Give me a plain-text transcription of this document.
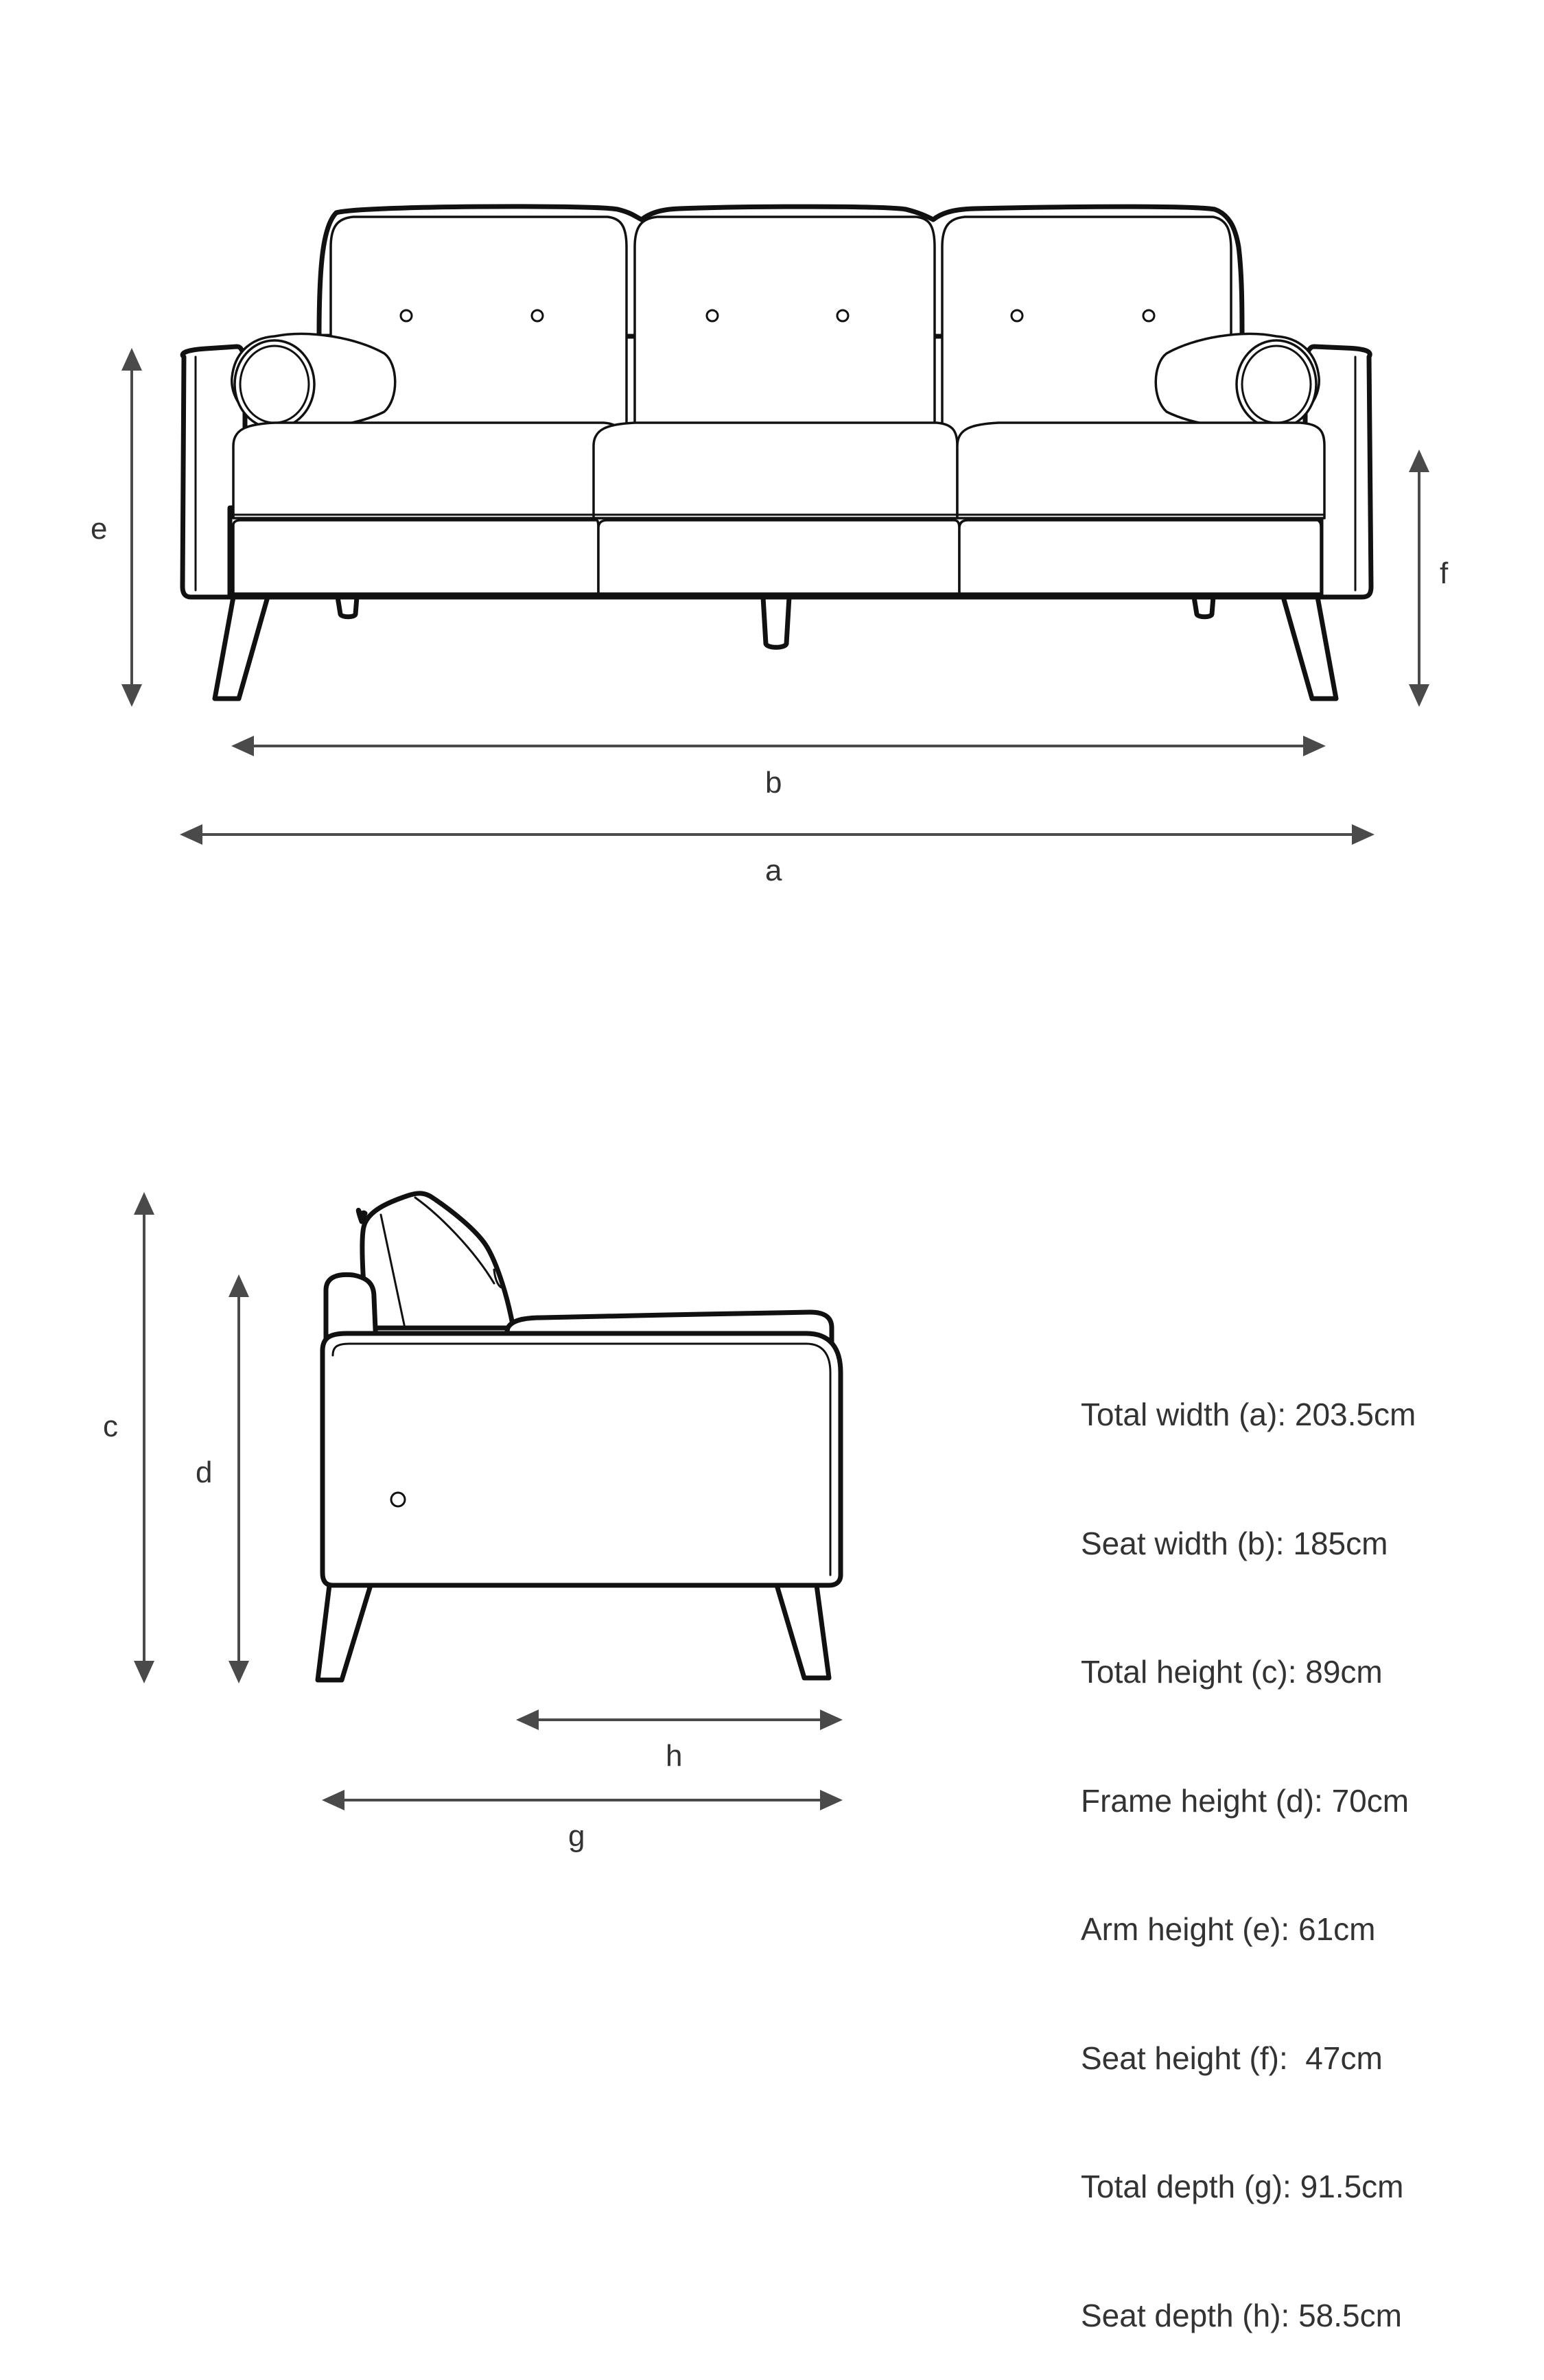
e
f
b
a
c
d
h
g

Total width (a): 203.5cm

Seat width (b): 185cm

Total height (c): 89cm

Frame height (d): 70cm

Arm height (e): 61cm

Seat height (f):  47cm

Total depth (g): 91.5cm

Seat depth (h): 58.5cm
